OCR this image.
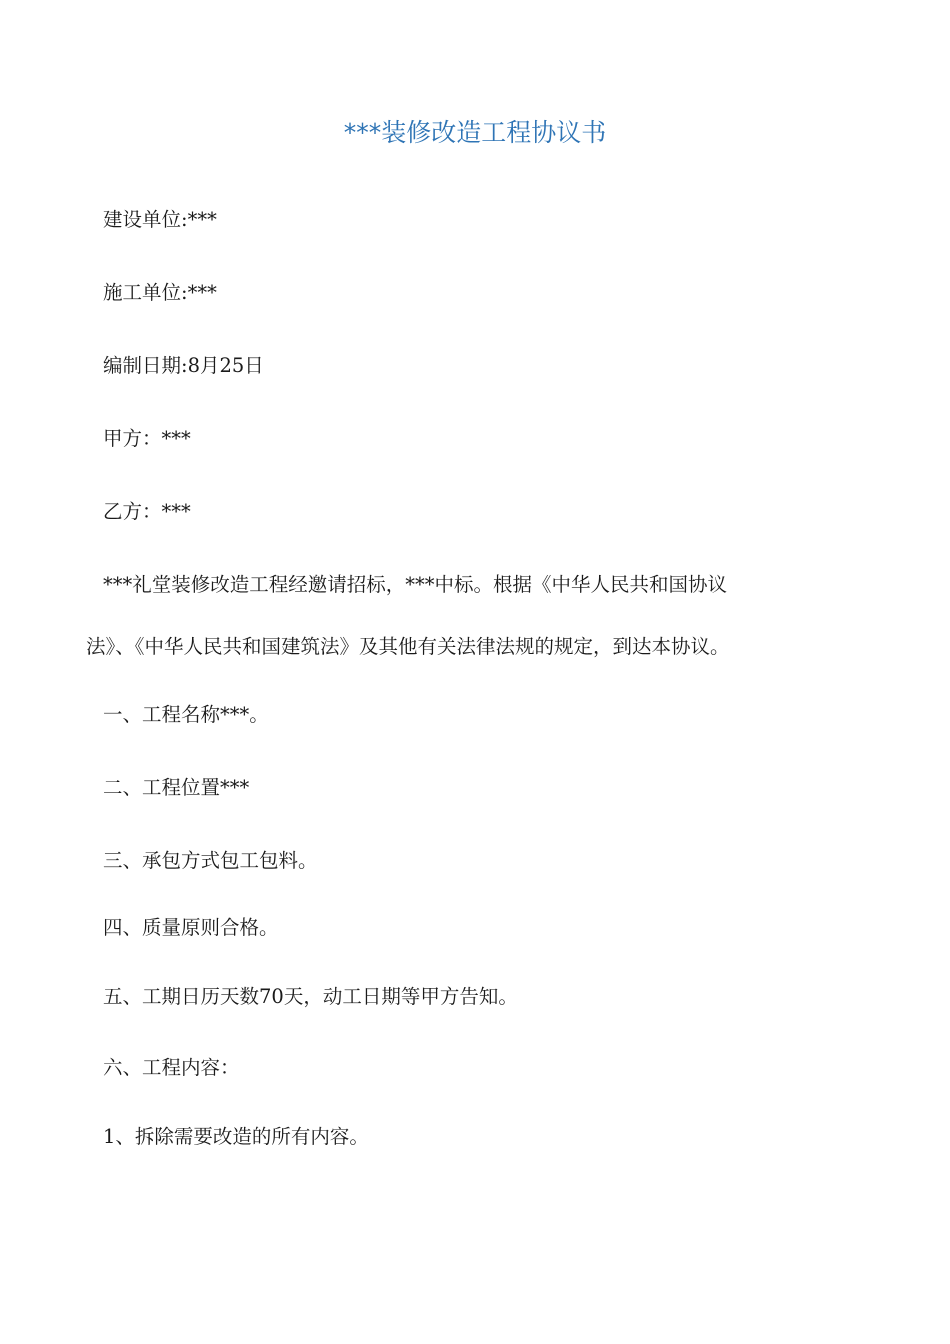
***装修改造工程协议书
建设单位:***
施工单位:***
编制日期:8月25日
甲方：***
乙方：***
***礼堂装修改造工程经邀请招标，***中标。根据《中华人民共和国协议
法》、《中华人民共和国建筑法》及其他有关法律法规的规定，到达本协议。
一、工程名称***。
二、工程位置***
三、承包方式包工包料。
四、质量原则合格。
五、工期日历天数70天，动工日期等甲方告知。
六、工程内容：
1、拆除需要改造的所有内容。
